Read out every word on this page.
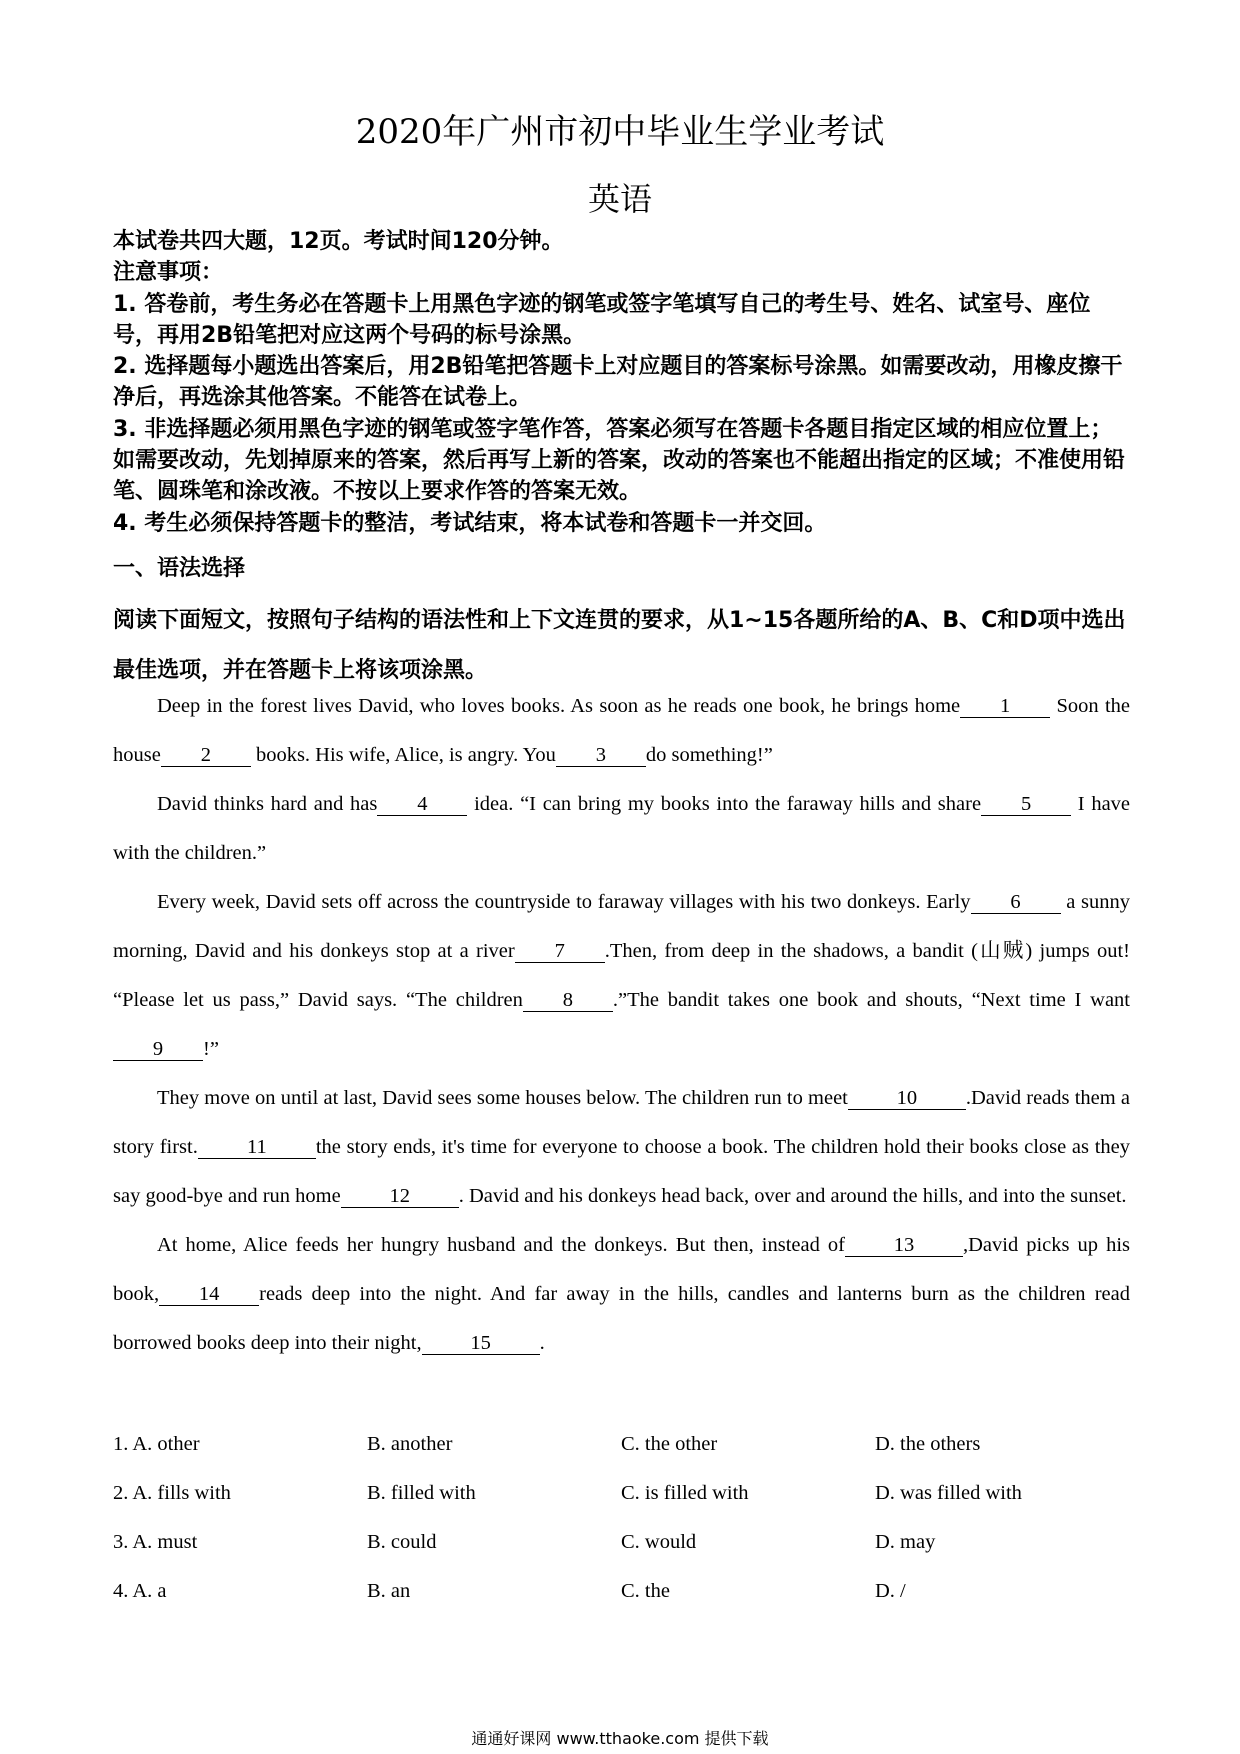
2020年广州市初中毕业生学业考试
英语

本试卷共四大题，12页。考试时间120分钟。

注意事项：

1. 答卷前，考生务必在答题卡上用黑色字迹的钢笔或签字笔填写自己的考生号、姓名、试室号、座位号，再用2B铅笔把对应这两个号码的标号涂黑。

2. 选择题每小题选出答案后，用2B铅笔把答题卡上对应题目的答案标号涂黑。如需要改动，用橡皮擦干净后，再选涂其他答案。不能答在试卷上。

3. 非选择题必须用黑色字迹的钢笔或签字笔作答，答案必须写在答题卡各题目指定区域的相应位置上；如需要改动，先划掉原来的答案，然后再写上新的答案，改动的答案也不能超出指定的区域；不准使用铅笔、圆珠笔和涂改液。不按以上要求作答的答案无效。

4. 考生必须保持答题卡的整洁，考试结束，将本试卷和答题卡一并交回。

一、语法选择
阅读下面短文，按照句子结构的语法性和上下文连贯的要求，从1~15各题所给的A、B、C和D项中选出最佳选项，并在答题卡上将该项涂黑。

Deep in the forest lives David, who loves books. As soon as he reads one book, he brings home 1 Soon the house 2 books. His wife, Alice, is angry. You 3 do something!”

David thinks hard and has 4 idea. “I can bring my books into the faraway hills and share 5 I have with the children.”

Every week, David sets off across the countryside to faraway villages with his two donkeys. Early 6 a sunny morning, David and his donkeys stop at a river 7 .Then, from deep in the shadows, a bandit (山贼) jumps out! “Please let us pass,” David says. “The children 8 .”The bandit takes one book and shouts, “Next time I want 9 !”

They move on until at last, David sees some houses below. The children run to meet 10 .David reads them a story first. 11 the story ends, it's time for everyone to choose a book. The children hold their books close as they say good-bye and run home 12 . David and his donkeys head back, over and around the hills, and into the sunset.

At home, Alice feeds her hungry husband and the donkeys. But then, instead of 13 ,David picks up his book, 14 reads deep into the night. And far away in the hills, candles and lanterns burn as the children read borrowed books deep into their night, 15 .

1. A. other	B. another	C. the other	D. the others
2. A. fills with	B. filled with	C. is filled with	D. was filled with
3. A. must	B. could	C. would	D. may
4. A. a	B. an	C. the	D. /
通通好课网 www.tthaoke.com 提供下载
